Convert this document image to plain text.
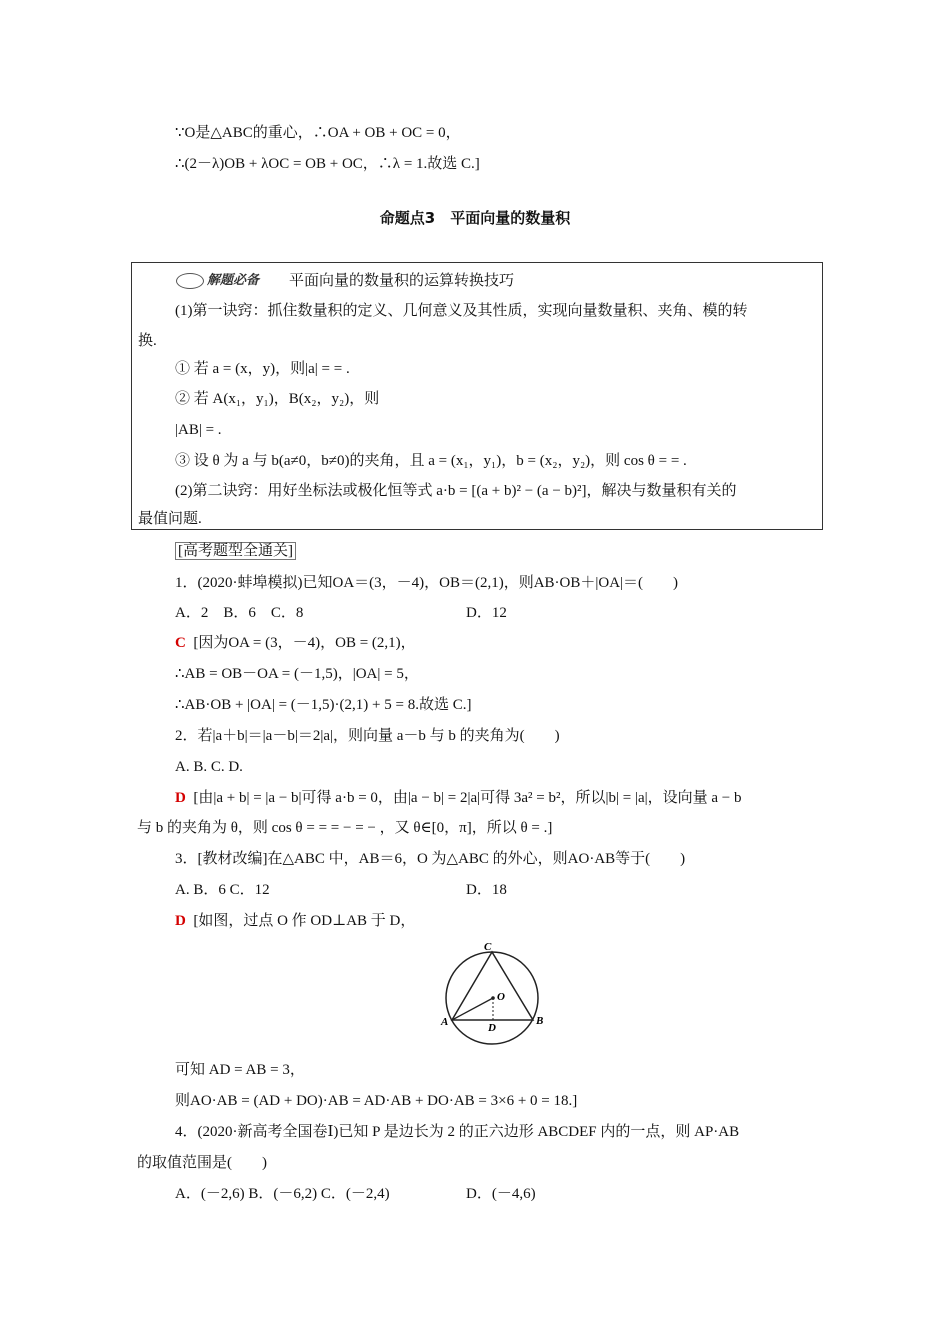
∵O是△ABC的重心，∴OA + OB + OC = 0，
∴(2－λ)OB + λOC = OB + OC，∴λ = 1.故选 C.]
命题点3　平面向量的数量积
解题必备	平面向量的数量积的运算转换技巧
(1)第一诀窍：抓住数量积的定义、几何意义及其性质，实现向量数量积、夹角、模的转
换.
① 若 a = (x，y)，则|a| = = .
② 若 A(x₁，y₁)，B(x₂，y₂)，则
|AB| = .
③ 设 θ 为 a 与 b(a≠0，b≠0)的夹角，且 a = (x₁，y₁)，b = (x₂，y₂)，则 cos θ = = .
(2)第二诀窍：用好坐标法或极化恒等式 a·b = [(a + b)² − (a − b)²]，解决与数量积有关的
最值问题.
[高考题型全通关]
1．(2020·蚌埠模拟)已知OA＝(3，－4)，OB＝(2,1)，则AB·OB＋|OA|＝(　　)
A．2　B．6　C．8	D．12
C [因为OA = (3，－4)，OB = (2,1)，
∴AB = OB－OA = (－1,5)，|OA| = 5，
∴AB·OB + |OA| = (－1,5)·(2,1) + 5 = 8.故选 C.]
2．若|a＋b|＝|a－b|＝2|a|，则向量 a－b 与 b 的夹角为(　　)
A. B. C. D.
D [由|a + b| = |a − b|可得 a·b = 0，由|a − b| = 2|a|可得 3a² = b²，所以|b| = |a|，设向量 a − b
与 b 的夹角为 θ，则 cos θ = = = − = − ，又 θ∈[0，π]，所以 θ = .]
3．[教材改编]在△ABC 中，AB＝6，O 为△ABC 的外心，则AO·AB等于(　　)
A. B．6 C．12	D．18
D [如图，过点 O 作 OD⊥AB 于 D，
C
O
A	D
B
可知 AD = AB = 3，
则AO·AB = (AD + DO)·AB = AD·AB + DO·AB = 3×6 + 0 = 18.]
4．(2020·新高考全国卷Ⅰ)已知 P 是边长为 2 的正六边形 ABCDEF 内的一点，则 AP·AB
的取值范围是(　　)
A．(－2,6) B．(－6,2) C．(－2,4)	D．(－4,6)
